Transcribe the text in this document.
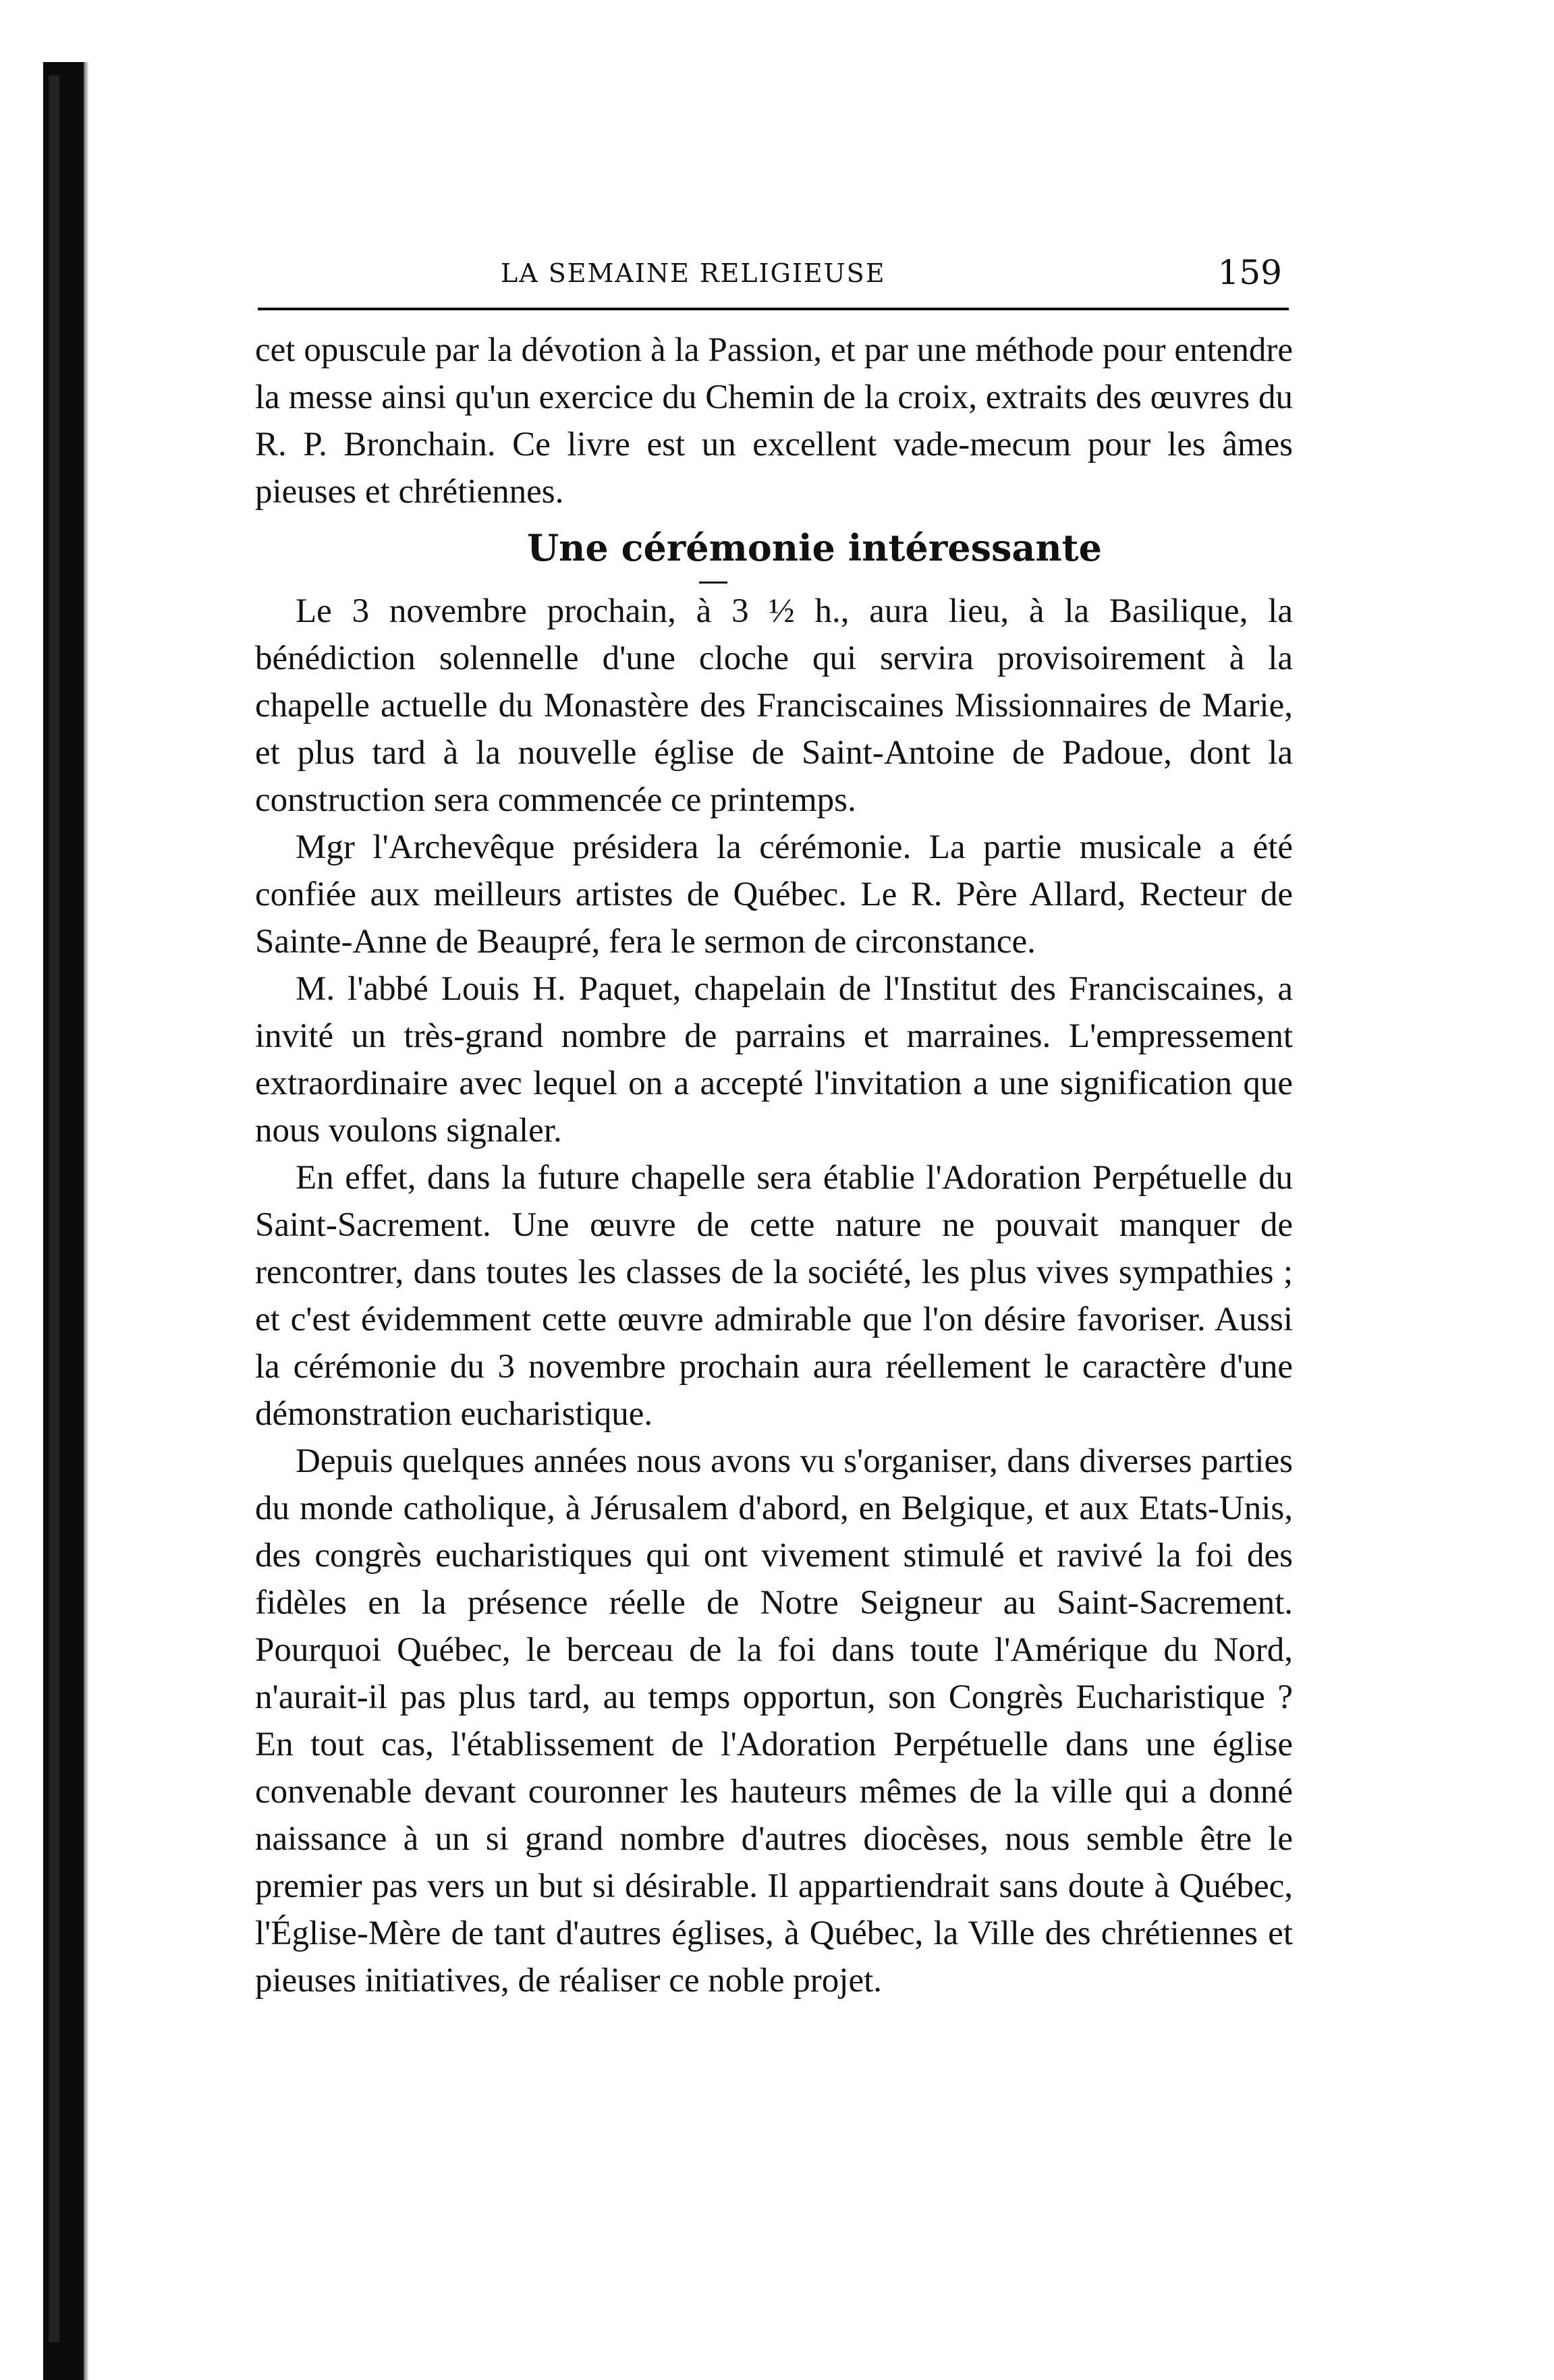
LA SEMAINE RELIGIEUSE	159

cet opuscule par la dévotion à la Passion, et par une méthode pour entendre la messe ainsi qu'un exercice du Chemin de la croix, extraits des œuvres du R. P. Bronchain. Ce livre est un excellent vade-mecum pour les âmes pieuses et chrétiennes.

Une cérémonie intéressante

Le 3 novembre prochain, à 3 ½ h., aura lieu, à la Basilique, la bénédiction solennelle d'une cloche qui servira provisoirement à la chapelle actuelle du Monastère des Franciscaines Missionnaires de Marie, et plus tard à la nouvelle église de Saint-Antoine de Padoue, dont la construction sera commencée ce printemps.

Mgr l'Archevêque présidera la cérémonie. La partie musicale a été confiée aux meilleurs artistes de Québec. Le R. Père Allard, Recteur de Sainte-Anne de Beaupré, fera le sermon de circonstance.

M. l'abbé Louis H. Paquet, chapelain de l'Institut des Franciscaines, a invité un très-grand nombre de parrains et marraines. L'empressement extraordinaire avec lequel on a accepté l'invitation a une signification que nous voulons signaler.

En effet, dans la future chapelle sera établie l'Adoration Perpétuelle du Saint-Sacrement. Une œuvre de cette nature ne pouvait manquer de rencontrer, dans toutes les classes de la société, les plus vives sympathies ; et c'est évidemment cette œuvre admirable que l'on désire favoriser. Aussi la cérémonie du 3 novembre prochain aura réellement le caractère d'une démonstration eucharistique.

Depuis quelques années nous avons vu s'organiser, dans diverses parties du monde catholique, à Jérusalem d'abord, en Belgique, et aux Etats-Unis, des congrès eucharistiques qui ont vivement stimulé et ravivé la foi des fidèles en la présence réelle de Notre Seigneur au Saint-Sacrement. Pourquoi Québec, le berceau de la foi dans toute l'Amérique du Nord, n'aurait-il pas plus tard, au temps opportun, son Congrès Eucharistique ? En tout cas, l'établissement de l'Adoration Perpétuelle dans une église convenable devant couronner les hauteurs mêmes de la ville qui a donné naissance à un si grand nombre d'autres diocèses, nous semble être le premier pas vers un but si désirable. Il appartiendrait sans doute à Québec, l'Église-Mère de tant d'autres églises, à Québec, la Ville des chrétiennes et pieuses initiatives, de réaliser ce noble projet.
